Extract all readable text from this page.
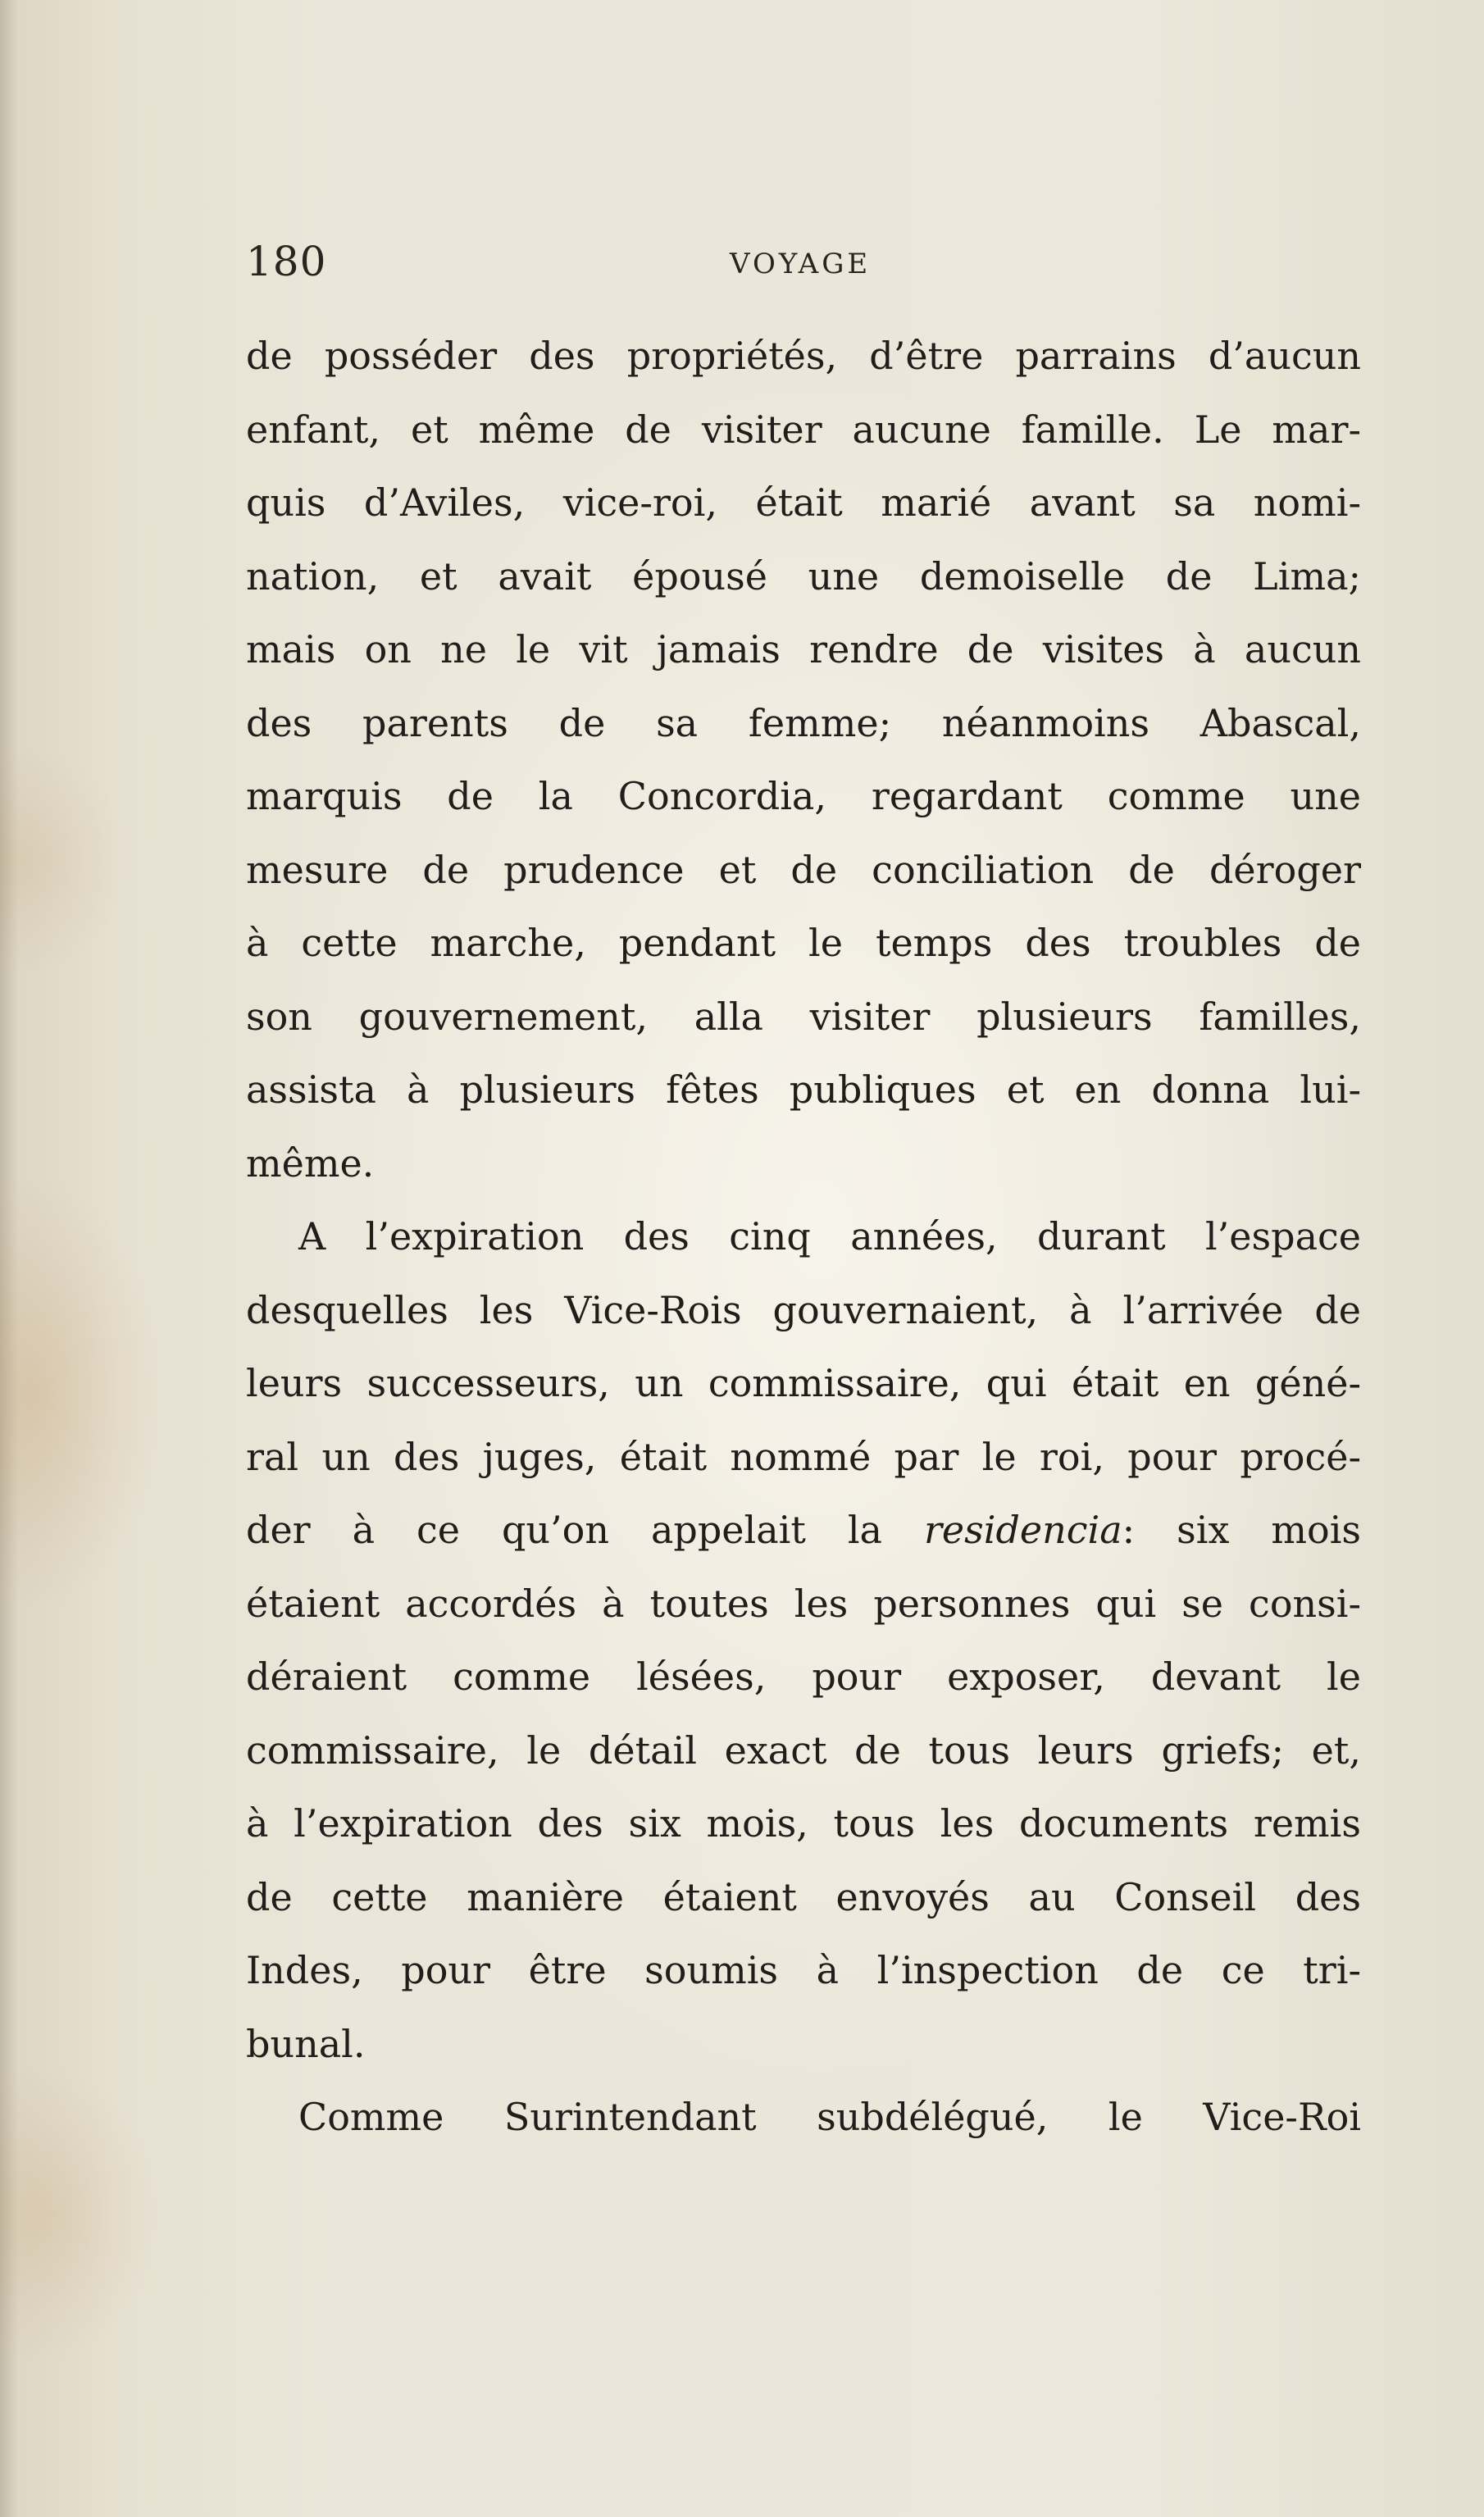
180	VOYAGE
de posséder des propriétés, d’être parrains d’aucun
enfant, et même de visiter aucune famille. Le mar-
quis d’Aviles, vice-roi, était marié avant sa nomi-
nation, et avait épousé une demoiselle de Lima;
mais on ne le vit jamais rendre de visites à aucun
des parents de sa femme; néanmoins Abascal,
marquis de la Concordia, regardant comme une
mesure de prudence et de conciliation de déroger
à cette marche, pendant le temps des troubles de
son gouvernement, alla visiter plusieurs familles,
assista à plusieurs fêtes publiques et en donna lui-
même.
A l’expiration des cinq années, durant l’espace
desquelles les Vice-Rois gouvernaient, à l’arrivée de
leurs successeurs, un commissaire, qui était en géné-
ral un des juges, était nommé par le roi, pour procé-
der à ce qu’on appelait la residencia: six mois
étaient accordés à toutes les personnes qui se consi-
déraient comme lésées, pour exposer, devant le
commissaire, le détail exact de tous leurs griefs; et,
à l’expiration des six mois, tous les documents remis
de cette manière étaient envoyés au Conseil des
Indes, pour être soumis à l’inspection de ce tri-
bunal.
Comme Surintendant subdélégué, le Vice-Roi
